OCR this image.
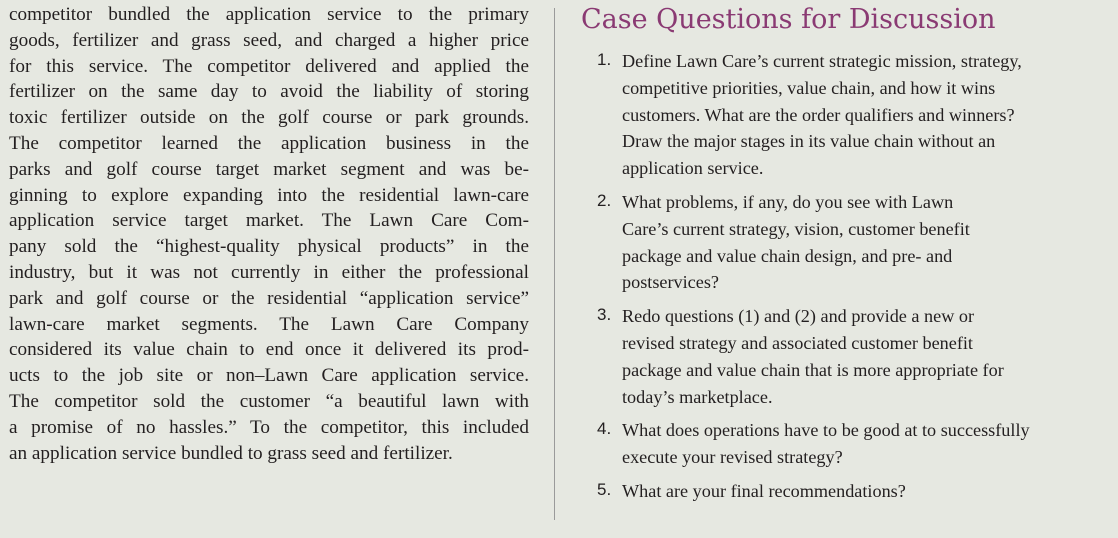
competitor bundled the application service to the primary
goods, fertilizer and grass seed, and charged a higher price
for this service. The competitor delivered and applied the
fertilizer on the same day to avoid the liability of storing
toxic fertilizer outside on the golf course or park grounds.
The competitor learned the application business in the
parks and golf course target market segment and was be-
ginning to explore expanding into the residential lawn-care
application service target market. The Lawn Care Com-
pany sold the “highest-quality physical products” in the
industry, but it was not currently in either the professional
park and golf course or the residential “application service”
lawn-care market segments. The Lawn Care Company
considered its value chain to end once it delivered its prod-
ucts to the job site or non–Lawn Care application service.
The competitor sold the customer “a beautiful lawn with
a promise of no hassles.” To the competitor, this included
an application service bundled to grass seed and fertilizer.
Case Questions for Discussion
1. Define Lawn Care’s current strategic mission, strategy,
competitive priorities, value chain, and how it wins
customers. What are the order qualifiers and winners?
Draw the major stages in its value chain without an
application service.
2. What problems, if any, do you see with Lawn
Care’s current strategy, vision, customer benefit
package and value chain design, and pre- and
postservices?
3. Redo questions (1) and (2) and provide a new or
revised strategy and associated customer benefit
package and value chain that is more appropriate for
today’s marketplace.
4. What does operations have to be good at to successfully
execute your revised strategy?
5. What are your final recommendations?
